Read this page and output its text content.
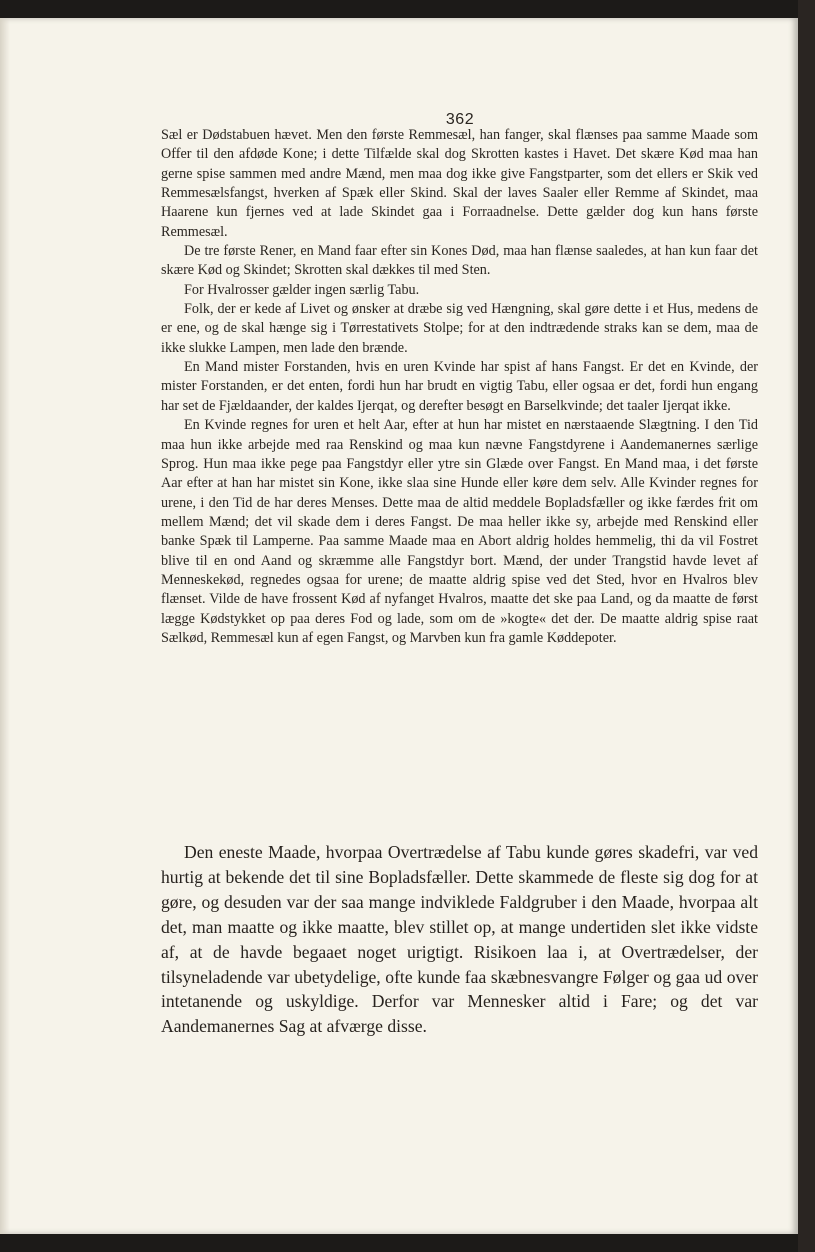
362

Sæl er Dødstabuen hævet. Men den første Remmesæl, han fanger, skal flænses paa samme Maade som Offer til den afdøde Kone; i dette Tilfælde skal dog Skrotten kastes i Havet. Det skære Kød maa han gerne spise sammen med andre Mænd, men maa dog ikke give Fangstparter, som det ellers er Skik ved Remmesælsfangst, hverken af Spæk eller Skind. Skal der laves Saaler eller Remme af Skindet, maa Haarene kun fjernes ved at lade Skindet gaa i Forraadnelse. Dette gælder dog kun hans første Remmesæl.

De tre første Rener, en Mand faar efter sin Kones Død, maa han flænse saaledes, at han kun faar det skære Kød og Skindet; Skrotten skal dækkes til med Sten.

For Hvalrosser gælder ingen særlig Tabu.

Folk, der er kede af Livet og ønsker at dræbe sig ved Hængning, skal gøre dette i et Hus, medens de er ene, og de skal hænge sig i Tørrestativets Stolpe; for at den indtrædende straks kan se dem, maa de ikke slukke Lampen, men lade den brænde.

En Mand mister Forstanden, hvis en uren Kvinde har spist af hans Fangst. Er det en Kvinde, der mister Forstanden, er det enten, fordi hun har brudt en vigtig Tabu, eller ogsaa er det, fordi hun engang har set de Fjældaander, der kaldes Ijerqat, og derefter besøgt en Barselkvinde; det taaler Ijerqat ikke.

En Kvinde regnes for uren et helt Aar, efter at hun har mistet en nærstaaende Slægtning. I den Tid maa hun ikke arbejde med raa Renskind og maa kun nævne Fangstdyrene i Aandemanernes særlige Sprog. Hun maa ikke pege paa Fangstdyr eller ytre sin Glæde over Fangst. En Mand maa, i det første Aar efter at han har mistet sin Kone, ikke slaa sine Hunde eller køre dem selv. Alle Kvinder regnes for urene, i den Tid de har deres Menses. Dette maa de altid meddele Bopladsfæller og ikke færdes frit om mellem Mænd; det vil skade dem i deres Fangst. De maa heller ikke sy, arbejde med Renskind eller banke Spæk til Lamperne. Paa samme Maade maa en Abort aldrig holdes hemmelig, thi da vil Fostret blive til en ond Aand og skræmme alle Fangstdyr bort. Mænd, der under Trangstid havde levet af Menneskekød, regnedes ogsaa for urene; de maatte aldrig spise ved det Sted, hvor en Hvalros blev flænset. Vilde de have frossent Kød af nyfanget Hvalros, maatte det ske paa Land, og da maatte de først lægge Kødstykket op paa deres Fod og lade, som om de »kogte« det der. De maatte aldrig spise raat Sælkød, Remmesæl kun af egen Fangst, og Marvben kun fra gamle Køddepoter.

Den eneste Maade, hvorpaa Overtrædelse af Tabu kunde gøres skadefri, var ved hurtig at bekende det til sine Bopladsfæller. Dette skammede de fleste sig dog for at gøre, og desuden var der saa mange indviklede Faldgruber i den Maade, hvorpaa alt det, man maatte og ikke maatte, blev stillet op, at mange undertiden slet ikke vidste af, at de havde begaaet noget urigtigt. Risikoen laa i, at Overtrædelser, der tilsyneladende var ubetydelige, ofte kunde faa skæbnesvangre Følger og gaa ud over intetanende og uskyldige. Derfor var Mennesker altid i Fare; og det var Aandemanernes Sag at afværge disse.
